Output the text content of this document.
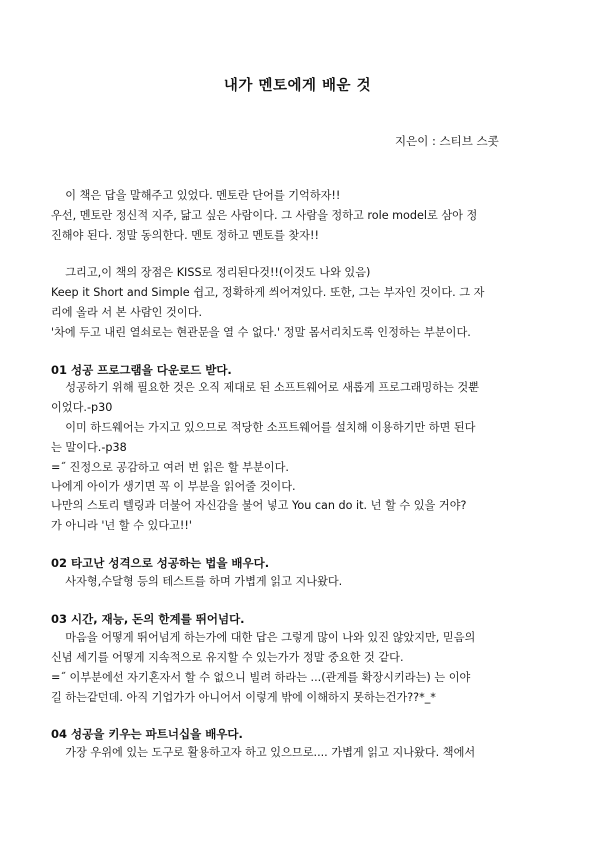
내가 멘토에게 배운 것
지은이 : 스티브 스콧
이 책은 답을 말해주고 있었다. 멘토란 단어를 기억하자!!
우선, 멘토란 정신적 지주, 닮고 싶은 사람이다. 그 사람을 정하고 role model로 삼아 정
진해야 된다. 정말 동의한다. 멘토 정하고 멘토를 찾자!!
그리고,이 책의 장점은 KISS로 정리된다것!!(이것도 나와 있음)
Keep it Short and Simple 쉽고, 정확하게 씌어져있다. 또한, 그는 부자인 것이다. 그 자
리에 올라 서 본 사람인 것이다.
'차에 두고 내린 열쇠로는 현관문을 열 수 없다.' 정말 몸서리치도록 인정하는 부분이다.
01 성공 프로그램을 다운로드 받다.
성공하기 위해 필요한 것은 오직 제대로 된 소프트웨어로 새롭게 프로그래밍하는 것뿐
이었다.-p30
이미 하드웨어는 가지고 있으므로 적당한 소프트웨어를 설치해 이용하기만 하면 된다
는 말이다.-p38
=˝ 진정으로 공감하고 여러 번 읽은 할 부분이다.
나에게 아이가 생기면 꼭 이 부분을 읽어줄 것이다.
나만의 스토리 텔링과 더불어 자신감을 불어 넣고 You can do it. 넌 할 수 있을 거야?
가 아니라 '넌 할 수 있다고!!'
02 타고난 성격으로 성공하는 법을 배우다.
사자형,수달형 등의 테스트를 하며 가볍게 읽고 지나왔다.
03 시간, 재능, 돈의 한계를 뛰어넘다.
마음을 어떻게 뛰어넘게 하는가에 대한 답은 그렇게 많이 나와 있진 않았지만, 믿음의
신념 세기를 어떻게 지속적으로 유지할 수 있는가가 정말 중요한 것 같다.
=˝ 이부분에선 자기혼자서 할 수 없으니 빌려 하라는 ...(관계를 확장시키라는) 는 이야
길 하는같던데. 아직 기업가가 아니어서 이렇게 밖에 이해하지 못하는건가??*_*
04 성공을 키우는 파트너십을 배우다.
가장 우위에 있는 도구로 활용하고자 하고 있으므로.... 가볍게 읽고 지나왔다. 책에서
